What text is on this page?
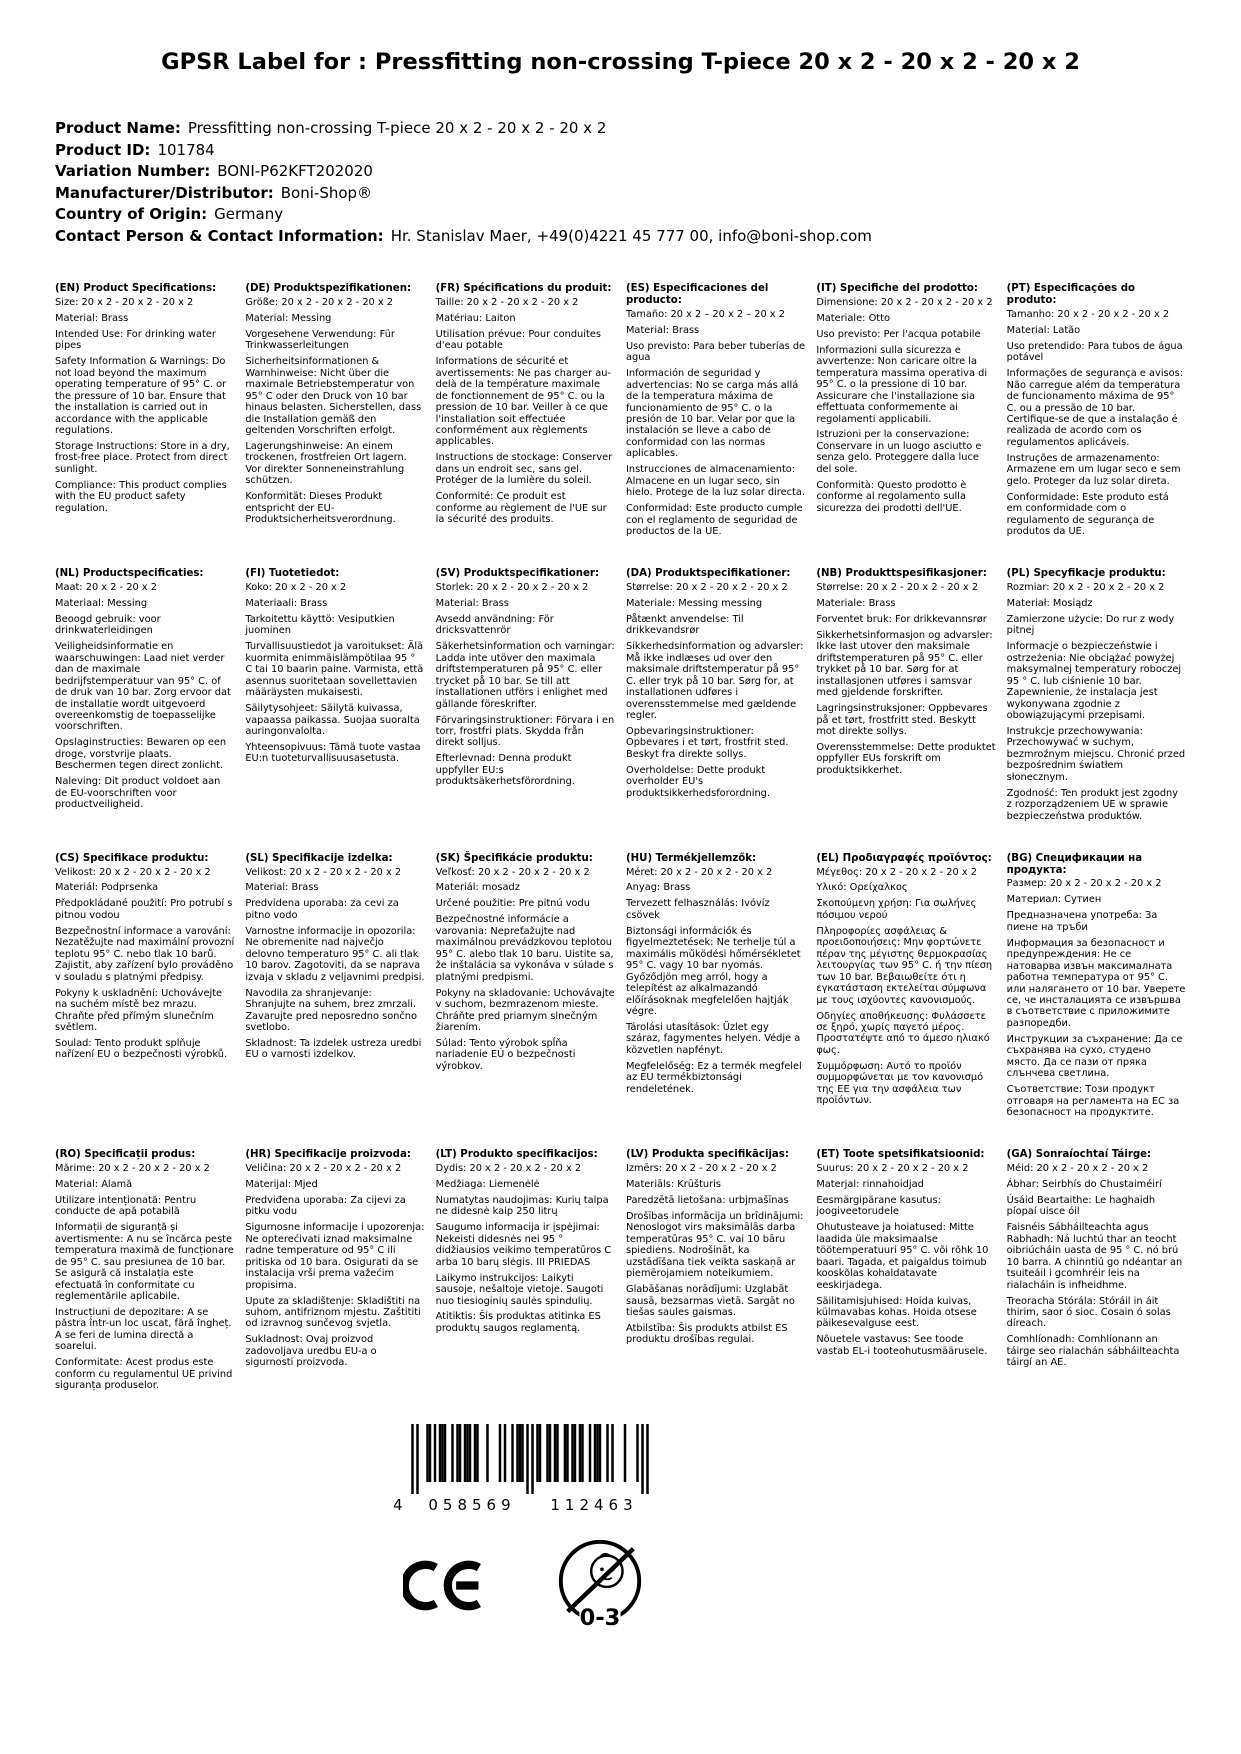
GPSR Label for : Pressfitting non-crossing T-piece 20 x 2 - 20 x 2 - 20 x 2
Product Name: Pressfitting non-crossing T-piece 20 x 2 - 20 x 2 - 20 x 2
Product ID: 101784
Variation Number: BONI-P62KFT202020
Manufacturer/Distributor: Boni-Shop®
Country of Origin: Germany
Contact Person & Contact Information: Hr. Stanislav Maer, +49(0)4221 45 777 00, info@boni-shop.com
(EN) Product Specifications:

Size: 20 x 2 - 20 x 2 - 20 x 2

Material: Brass

Intended Use: For drinking water pipes

Safety Information & Warnings: Do not load beyond the maximum operating temperature of 95° C. or the pressure of 10 bar. Ensure that the installation is carried out in accordance with the applicable regulations.

Storage Instructions: Store in a dry, frost-free place. Protect from direct sunlight.

Compliance: This product complies with the EU product safety regulation.

(DE) Produktspezifikationen:

Größe: 20 x 2 - 20 x 2 - 20 x 2

Material: Messing

Vorgesehene Verwendung: Für Trinkwasserleitungen

Sicherheitsinformationen & Warnhinweise: Nicht über die maximale Betriebstemperatur von 95° C oder den Druck von 10 bar hinaus belasten. Sicherstellen, dass die Installation gemäß den geltenden Vorschriften erfolgt.

Lagerungshinweise: An einem trockenen, frostfreien Ort lagern. Vor direkter Sonneneinstrahlung schützen.

Konformität: Dieses Produkt entspricht der EU-Produktsicherheitsverordnung.

(FR) Spécifications du produit:

Taille: 20 x 2 - 20 x 2 - 20 x 2

Matériau: Laiton

Utilisation prévue: Pour conduites d'eau potable

Informations de sécurité et avertissements: Ne pas charger au-delà de la température maximale de fonctionnement de 95° C. ou la pression de 10 bar. Veiller à ce que l'installation soit effectuée conformément aux règlements applicables.

Instructions de stockage: Conserver dans un endroit sec, sans gel. Protéger de la lumière du soleil.

Conformité: Ce produit est conforme au règlement de l'UE sur la sécurité des produits.

(ES) Especificaciones del producto:

Tamaño: 20 x 2 – 20 x 2 – 20 x 2

Material: Brass

Uso previsto: Para beber tuberías de agua

Información de seguridad y advertencias: No se carga más allá de la temperatura máxima de funcionamiento de 95° C. o la presión de 10 bar. Velar por que la instalación se lleve a cabo de conformidad con las normas aplicables.

Instrucciones de almacenamiento: Almacene en un lugar seco, sin hielo. Protege de la luz solar directa.

Conformidad: Este producto cumple con el reglamento de seguridad de productos de la UE.

(IT) Specifiche del prodotto:

Dimensione: 20 x 2 - 20 x 2 - 20 x 2

Materiale: Otto

Uso previsto: Per l'acqua potabile

Informazioni sulla sicurezza e avvertenze: Non caricare oltre la temperatura massima operativa di 95° C. o la pressione di 10 bar. Assicurare che l'installazione sia effettuata conformemente ai regolamenti applicabili.

Istruzioni per la conservazione: Conservare in un luogo asciutto e senza gelo. Proteggere dalla luce del sole.

Conformità: Questo prodotto è conforme al regolamento sulla sicurezza dei prodotti dell'UE.

(PT) Especificações do produto:

Tamanho: 20 x 2 - 20 x 2 - 20 x 2

Material: Latão

Uso pretendido: Para tubos de água potável

Informações de segurança e avisos: Não carregue além da temperatura de funcionamento máxima de 95° C. ou a pressão de 10 bar. Certifique-se de que a instalação é realizada de acordo com os regulamentos aplicáveis.

Instruções de armazenamento: Armazene em um lugar seco e sem gelo. Proteger da luz solar direta.

Conformidade: Este produto está em conformidade com o regulamento de segurança de produtos da UE.

(NL) Productspecificaties:

Maat: 20 x 2 - 20 x 2

Materiaal: Messing

Beoogd gebruik: voor drinkwaterleidingen

Veiligheidsinformatie en waarschuwingen: Laad niet verder dan de maximale bedrijfstemperatuur van 95° C. of de druk van 10 bar. Zorg ervoor dat de installatie wordt uitgevoerd overeenkomstig de toepasselijke voorschriften.

Opslaginstructies: Bewaren op een droge, vorstvrije plaats. Beschermen tegen direct zonlicht.

Naleving: Dit product voldoet aan de EU-voorschriften voor productveiligheid.

(FI) Tuotetiedot:

Koko: 20 x 2 - 20 x 2

Materiaali: Brass

Tarkoitettu käyttö: Vesiputkien juominen

Turvallisuustiedot ja varoitukset: Älä kuormita enimmäislämpötilaa 95 ° C tai 10 baarin paine. Varmista, että asennus suoritetaan sovellettavien määräysten mukaisesti.

Säilytysohjeet: Säilytä kuivassa, vapaassa paikassa. Suojaa suoralta auringonvalolta.

Yhteensopivuus: Tämä tuote vastaa EU:n tuoteturvallisuusasetusta.

(SV) Produktspecifikationer:

Storlek: 20 x 2 - 20 x 2 - 20 x 2

Material: Brass

Avsedd användning: För dricksvattenrör

Säkerhetsinformation och varningar: Ladda inte utöver den maximala driftstemperaturen på 95° C. eller trycket på 10 bar. Se till att installationen utförs i enlighet med gällande föreskrifter.

Förvaringsinstruktioner: Förvara i en torr, frostfri plats. Skydda från direkt solljus.

Efterlevnad: Denna produkt uppfyller EU:s produktsäkerhetsförordning.

(DA) Produktspecifikationer:

Størrelse: 20 x 2 - 20 x 2 - 20 x 2

Materiale: Messing messing

Påtænkt anvendelse: Til drikkevandsrør

Sikkerhedsinformation og advarsler: Må ikke indlæses ud over den maksimale driftstemperatur på 95° C. eller tryk på 10 bar. Sørg for, at installationen udføres i overensstemmelse med gældende regler.

Opbevaringsinstruktioner: Opbevares i et tørt, frostfrit sted. Beskyt fra direkte sollys.

Overholdelse: Dette produkt overholder EU's produktsikkerhedsforordning.

(NB) Produkttspesifikasjoner:

Størrelse: 20 x 2 - 20 x 2 - 20 x 2

Materiale: Brass

Forventet bruk: For drikkevannsrør

Sikkerhetsinformasjon og advarsler: Ikke last utover den maksimale driftstemperaturen på 95° C. eller trykket på 10 bar. Sørg for at installasjonen utføres i samsvar med gjeldende forskrifter.

Lagringsinstruksjoner: Oppbevares på et tørt, frostfritt sted. Beskytt mot direkte sollys.

Overensstemmelse: Dette produktet oppfyller EUs forskrift om produktsikkerhet.

(PL) Specyfikacje produktu:

Rozmiar: 20 x 2 - 20 x 2 - 20 x 2

Materiał: Mosiądz

Zamierzone użycie: Do rur z wody pitnej

Informacje o bezpieczeństwie i ostrzeżenia: Nie obciążać powyżej maksymalnej temperatury roboczej 95 ° C. lub ciśnienie 10 bar. Zapewnienie, że instalacja jest wykonywana zgodnie z obowiązującymi przepisami.

Instrukcje przechowywania: Przechowywać w suchym, bezmroźnym miejscu. Chronić przed bezpośrednim światłem słonecznym.

Zgodność: Ten produkt jest zgodny z rozporządzeniem UE w sprawie bezpieczeństwa produktów.

(CS) Specifikace produktu:

Velikost: 20 x 2 - 20 x 2 - 20 x 2

Materiál: Podprsenka

Předpokládané použití: Pro potrubí s pitnou vodou

Bezpečnostní informace a varování: Nezatěžujte nad maximální provozní teplotu 95° C. nebo tlak 10 barů. Zajistit, aby zařízení bylo prováděno v souladu s platnými předpisy.

Pokyny k uskladnění: Uchovávejte na suchém místě bez mrazu. Chraňte před přímým slunečním světlem.

Soulad: Tento produkt splňuje nařízení EU o bezpečnosti výrobků.

(SL) Specifikacije izdelka:

Velikost: 20 x 2 - 20 x 2 - 20 x 2

Material: Brass

Predvidena uporaba: za cevi za pitno vodo

Varnostne informacije in opozorila: Ne obremenite nad največjo delovno temperaturo 95° C. ali tlak 10 barov. Zagotoviti, da se naprava izvaja v skladu z veljavnimi predpisi.

Navodila za shranjevanje: Shranjujte na suhem, brez zmrzali. Zavarujte pred neposredno sončno svetlobo.

Skladnost: Ta izdelek ustreza uredbi EU o varnosti izdelkov.

(SK) Špecifikácie produktu:

Veľkosť: 20 x 2 - 20 x 2 - 20 x 2

Materiál: mosadz

Určené použitie: Pre pitnú vodu

Bezpečnostné informácie a varovania: Nepreťažujte nad maximálnou prevádzkovou teplotou 95° C. alebo tlak 10 baru. Uistite sa, že inštalácia sa vykonáva v súlade s platnými predpismi.

Pokyny na skladovanie: Uchovávajte v suchom, bezmrazenom mieste. Chráňte pred priamym slnečným žiarením.

Súlad: Tento výrobok spĺňa nariadenie EÚ o bezpečnosti výrobkov.

(HU) Termékjellemzők:

Méret: 20 x 2 - 20 x 2 - 20 x 2

Anyag: Brass

Tervezett felhasználás: Ivóvíz csövek

Biztonsági információk és figyelmeztetések: Ne terhelje túl a maximális működési hőmérsékletet 95° C. vagy 10 bar nyomás. Győződjön meg arról, hogy a telepítést az alkalmazandó előírásoknak megfelelően hajtják végre.

Tárolási utasítások: Üzlet egy száraz, fagymentes helyen. Védje a közvetlen napfényt.

Megfelelőség: Ez a termék megfelel az EU termékbiztonsági rendeletének.

(EL) Προδιαγραφές προϊόντος:

Μέγεθος: 20 x 2 - 20 x 2 - 20 x 2

Υλικό: Ορείχαλκος

Σκοπούμενη χρήση: Για σωλήνες πόσιμου νερού

Πληροφορίες ασφάλειας & προειδοποιήσεις: Μην φορτώνετε πέραν της μέγιστης θερμοκρασίας λειτουργίας των 95° C. ή την πίεση των 10 bar. Βεβαιωθείτε ότι η εγκατάσταση εκτελείται σύμφωνα με τους ισχύοντες κανονισμούς.

Οδηγίες αποθήκευσης: Φυλάσσετε σε ξηρό, χωρίς παγετό μέρος. Προστατέψτε από το άμεσο ηλιακό φως.

Συμμόρφωση: Αυτό το προϊόν συμμορφώνεται με τον κανονισμό της ΕΕ για την ασφάλεια των προϊόντων.

(BG) Спецификации на продукта:

Размер: 20 x 2 - 20 x 2 - 20 x 2

Материал: Сутиен

Предназначена употреба: За пиене на тръби

Информация за безопасност и предупреждения: Не се натоварва извън максималната работна температура от 95° C. или налягането от 10 bar. Уверете се, че инсталацията се извършва в съответствие с приложимите разпоредби.

Инструкции за съхранение: Да се съхранява на сухо, студено място. Да се пази от пряка слънчева светлина.

Съответствие: Този продукт отговаря на регламента на ЕС за безопасност на продуктите.

(RO) Specificații produs:

Mărime: 20 x 2 - 20 x 2 - 20 x 2

Material: Alamă

Utilizare intenționată: Pentru conducte de apă potabilă

Informații de siguranță și avertismente: A nu se încărca peste temperatura maximă de funcționare de 95° C. sau presiunea de 10 bar. Se asigură că instalația este efectuată în conformitate cu reglementările aplicabile.

Instrucțiuni de depozitare: A se păstra într-un loc uscat, fără îngheț. A se feri de lumina directă a soarelui.

Conformitate: Acest produs este conform cu regulamentul UE privind siguranța produselor.

(HR) Specifikacije proizvoda:

Veličina: 20 x 2 - 20 x 2 - 20 x 2

Materijal: Mjed

Predviđena uporaba: Za cijevi za pitku vodu

Sigurnosne informacije i upozorenja: Ne opterećivati iznad maksimalne radne temperature od 95° C ili pritiska od 10 bara. Osigurati da se instalacija vrši prema važećim propisima.

Upute za skladištenje: Skladištiti na suhom, antifriznom mjestu. Zaštititi od izravnog sunčevog svjetla.

Sukladnost: Ovaj proizvod zadovoljava uredbu EU-a o sigurnosti proizvoda.

(LT) Produkto specifikacijos:

Dydis: 20 x 2 - 20 x 2 - 20 x 2

Medžiaga: Liemenėlė

Numatytas naudojimas: Kurių talpa ne didesnė kaip 250 litrų

Saugumo informacija ir įspėjimai: Nekeisti didesnės nei 95 ° didžiausios veikimo temperatūros C arba 10 barų slėgis. III PRIEDAS

Laikymo instrukcijos: Laikyti sausoje, nešaltoje vietoje. Saugoti nuo tiesioginių saulės spindulių.

Atitiktis: Šis produktas atitinka ES produktų saugos reglamentą.

(LV) Produkta specifikācijas:

Izmērs: 20 x 2 - 20 x 2 - 20 x 2

Materiāls: Krūšturis

Paredzētā lietošana: urbjmašīnas

Drošības informācija un brīdinājumi: Nenoslogot virs maksimālās darba temperatūras 95° C. vai 10 bāru spiediens. Nodrošināt, ka uzstādīšana tiek veikta saskaņā ar piemērojamiem noteikumiem.

Glabāšanas norādījumi: Uzglabāt sausā, bezsarmas vietā. Sargāt no tiešas saules gaismas.

Atbilstība: Šis produkts atbilst ES produktu drošības regulai.

(ET) Toote spetsifikatsioonid:

Suurus: 20 x 2 - 20 x 2 - 20 x 2

Materjal: rinnahoidjad

Eesmärgipärane kasutus: joogiveetorudele

Ohutusteave ja hoiatused: Mitte laadida üle maksimaalse töötemperatuuri 95° C. või rõhk 10 baari. Tagada, et paigaldus toimub kooskõlas kohaldatavate eeskirjadega.

Säilitamisjuhised: Hoida kuivas, külmavabas kohas. Hoida otsese päikesevalguse eest.

Nõuetele vastavus: See toode vastab EL-i tooteohutusmäärusele.

(GA) Sonraíochtaí Táirge:

Méid: 20 x 2 - 20 x 2 - 20 x 2

Ábhar: Seirbhís do Chustaiméirí

Úsáid Beartaithe: Le haghaidh píopaí uisce óil

Faisnéis Sábháilteachta agus Rabhadh: Ná luchtú thar an teocht oibriúcháin uasta de 95 ° C. nó brú 10 barra. A chinntiú go ndéantar an tsuiteáil i gcomhréir leis na rialacháin is infheidhme.

Treoracha Stórála: Stóráil in áit thirim, saor ó sioc. Cosain ó solas díreach.

Comhlíonadh: Comhlíonann an táirge seo rialachán sábháilteachta táirgí an AE.

4	058569	112463
0-3
